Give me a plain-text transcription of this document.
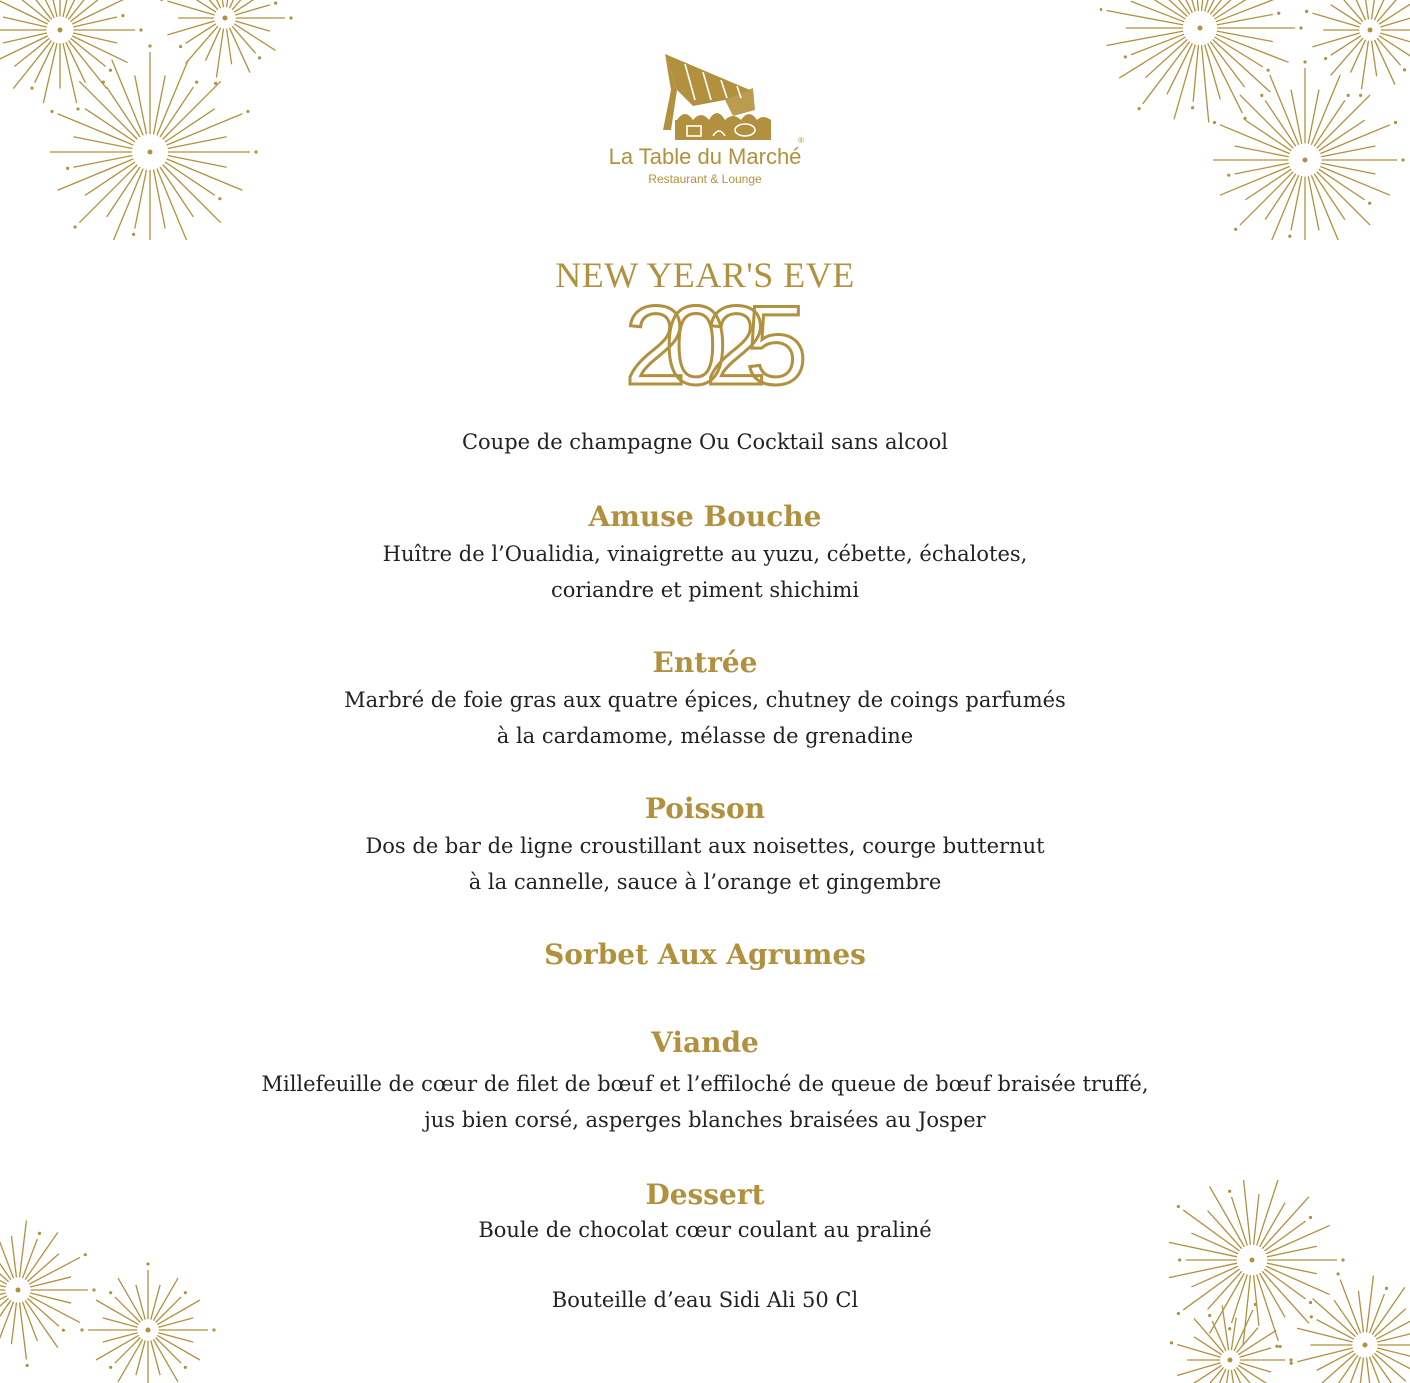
La Table du Marché
®
Restaurant & Lounge
NEW YEAR'S EVE
2025
Coupe de champagne Ou Cocktail sans alcool
Amuse Bouche
Huître de l’Oualidia, vinaigrette au yuzu, cébette, échalotes,
coriandre et piment shichimi
Entrée
Marbré de foie gras aux quatre épices, chutney de coings parfumés
à la cardamome, mélasse de grenadine
Poisson
Dos de bar de ligne croustillant aux noisettes, courge butternut
à la cannelle, sauce à l’orange et gingembre
Sorbet Aux Agrumes
Viande
Millefeuille de cœur de filet de bœuf et l’effiloché de queue de bœuf braisée truffé,
jus bien corsé, asperges blanches braisées au Josper
Dessert
Boule de chocolat cœur coulant au praliné
Bouteille d’eau Sidi Ali 50 Cl
